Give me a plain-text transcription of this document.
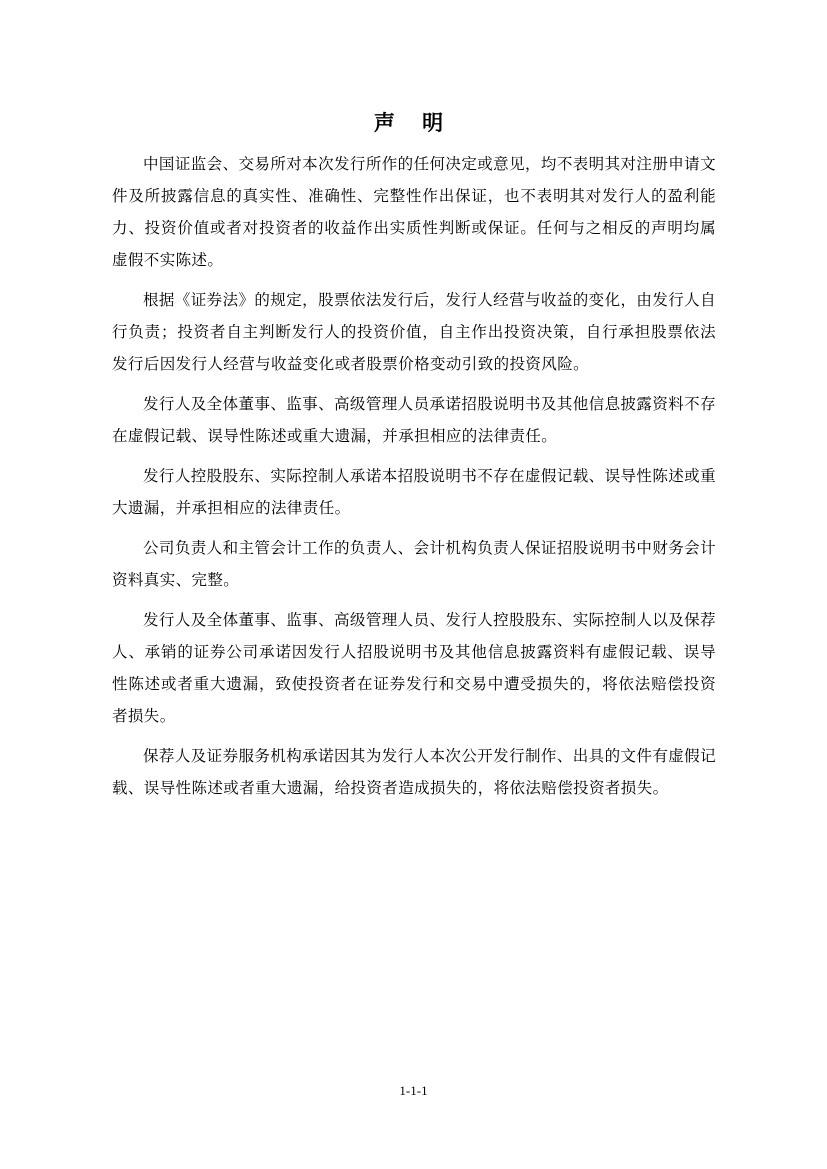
声 明

中国证监会、交易所对本次发行所作的任何决定或意见，均不表明其对注册申请文件及所披露信息的真实性、准确性、完整性作出保证，也不表明其对发行人的盈利能力、投资价值或者对投资者的收益作出实质性判断或保证。任何与之相反的声明均属虚假不实陈述。

根据《证券法》的规定，股票依法发行后，发行人经营与收益的变化，由发行人自行负责；投资者自主判断发行人的投资价值，自主作出投资决策，自行承担股票依法发行后因发行人经营与收益变化或者股票价格变动引致的投资风险。

发行人及全体董事、监事、高级管理人员承诺招股说明书及其他信息披露资料不存在虚假记载、误导性陈述或重大遗漏，并承担相应的法律责任。

发行人控股股东、实际控制人承诺本招股说明书不存在虚假记载、误导性陈述或重大遗漏，并承担相应的法律责任。

公司负责人和主管会计工作的负责人、会计机构负责人保证招股说明书中财务会计资料真实、完整。

发行人及全体董事、监事、高级管理人员、发行人控股股东、实际控制人以及保荐人、承销的证券公司承诺因发行人招股说明书及其他信息披露资料有虚假记载、误导性陈述或者重大遗漏，致使投资者在证券发行和交易中遭受损失的，将依法赔偿投资者损失。

保荐人及证券服务机构承诺因其为发行人本次公开发行制作、出具的文件有虚假记载、误导性陈述或者重大遗漏，给投资者造成损失的，将依法赔偿投资者损失。

1-1-1
